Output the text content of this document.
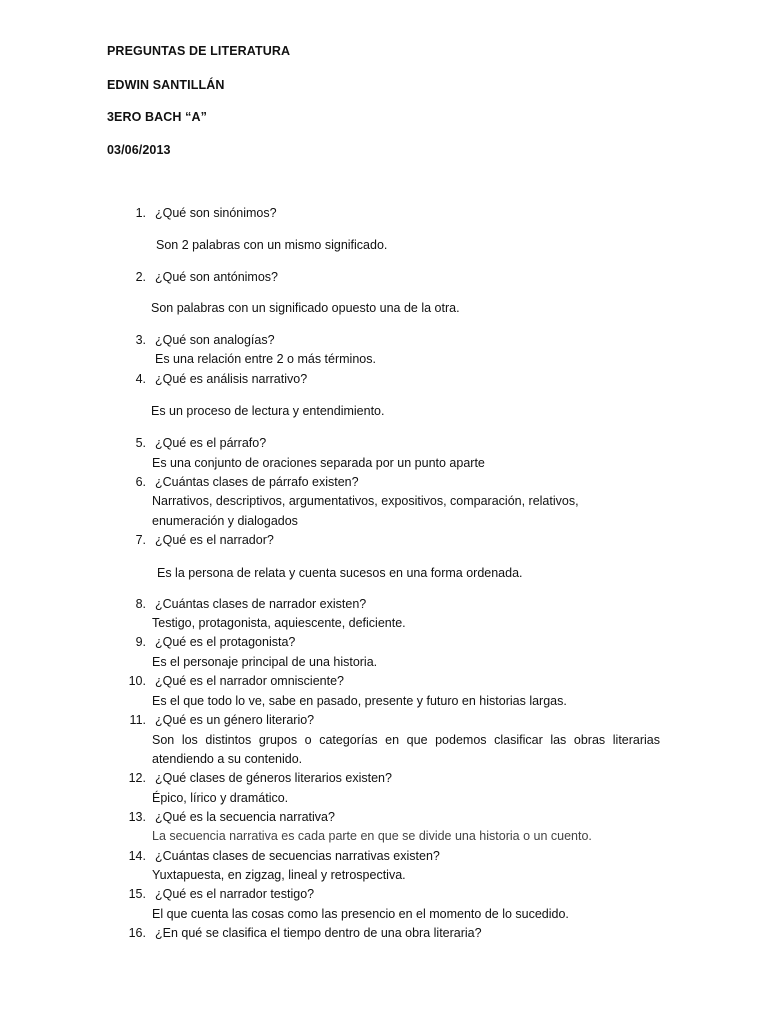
PREGUNTAS DE LITERATURA
EDWIN SANTILLÁN
3ERO BACH “A”
03/06/2013
1. ¿Qué son sinónimos?
Son 2 palabras con un mismo significado.
2. ¿Qué son antónimos?
Son palabras con un significado opuesto una de la otra.
3. ¿Qué son analogías?
Es una relación entre 2 o más términos.
4. ¿Qué es análisis narrativo?
Es un proceso de lectura y entendimiento.
5. ¿Qué es el párrafo?
Es una conjunto de oraciones separada por un punto aparte
6. ¿Cuántas clases de párrafo existen?
Narrativos, descriptivos, argumentativos, expositivos, comparación, relativos,
enumeración y dialogados
7. ¿Qué es el narrador?
Es la persona de relata y cuenta sucesos en una forma ordenada.
8. ¿Cuántas clases de narrador existen?
Testigo, protagonista, aquiescente, deficiente.
9. ¿Qué es el protagonista?
Es el personaje principal de una historia.
10. ¿Qué es el narrador omnisciente?
Es el que todo lo ve, sabe en pasado, presente y futuro en historias largas.
11. ¿Qué es un género literario?
Son los distintos grupos o categorías en que podemos clasificar las obras literarias
atendiendo a su contenido.
12. ¿Qué clases de géneros literarios existen?
Épico, lírico y dramático.
13. ¿Qué es la secuencia narrativa?
La secuencia narrativa es cada parte en que se divide una historia o un cuento.
14. ¿Cuántas clases de secuencias narrativas existen?
Yuxtapuesta, en zigzag, lineal y retrospectiva.
15. ¿Qué es el narrador testigo?
El que cuenta las cosas como las presencio en el momento de lo sucedido.
16. ¿En qué se clasifica el tiempo dentro de una obra literaria?
